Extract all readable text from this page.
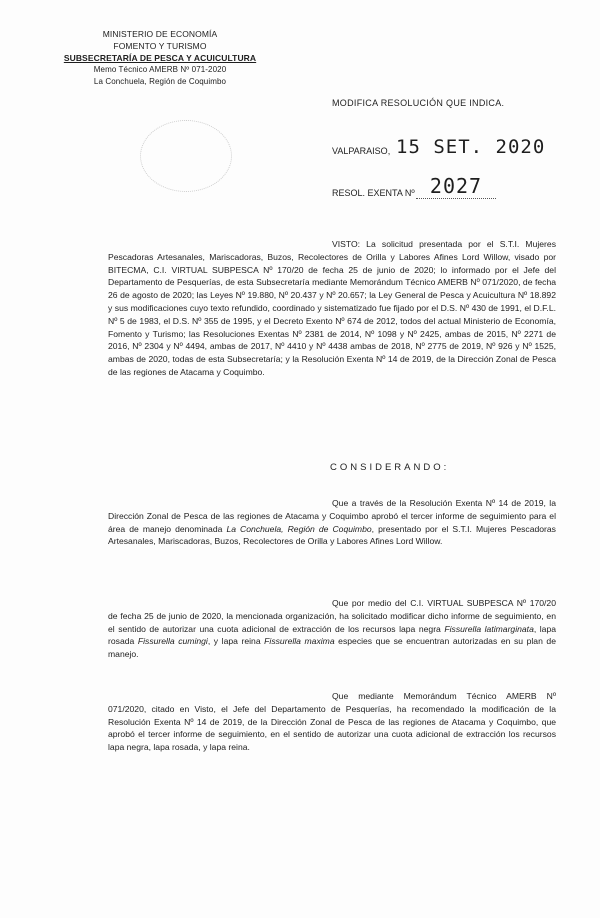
MINISTERIO DE ECONOMÍA
FOMENTO Y TURISMO
SUBSECRETARÍA DE PESCA Y ACUICULTURA
Memo Técnico AMERB Nº 071-2020
La Conchuela, Región de Coquimbo
MODIFICA RESOLUCIÓN QUE INDICA.
VALPARAISO, 15 SET. 2020
RESOL. EXENTA Nº 2027
VISTO: La solicitud presentada por el S.T.I. Mujeres Pescadoras Artesanales, Mariscadoras, Buzos, Recolectores de Orilla y Labores Afines Lord Willow, visado por BITECMA, C.I. VIRTUAL SUBPESCA Nº 170/20 de fecha 25 de junio de 2020; lo informado por el Jefe del Departamento de Pesquerías, de esta Subsecretaría mediante Memorándum Técnico AMERB Nº 071/2020, de fecha 26 de agosto de 2020; las Leyes Nº 19.880, Nº 20.437 y Nº 20.657; la Ley General de Pesca y Acuicultura Nº 18.892 y sus modificaciones cuyo texto refundido, coordinado y sistematizado fue fijado por el D.S. Nº 430 de 1991, el D.F.L. Nº 5 de 1983, el D.S. Nº 355 de 1995, y el Decreto Exento Nº 674 de 2012, todos del actual Ministerio de Economía, Fomento y Turismo; las Resoluciones Exentas Nº 2381 de 2014, Nº 1098 y Nº 2425, ambas de 2015, Nº 2271 de 2016, Nº 2304 y Nº 4494, ambas de 2017, Nº 4410 y Nº 4438 ambas de 2018, Nº 2775 de 2019, Nº 926 y Nº 1525, ambas de 2020, todas de esta Subsecretaría; y la Resolución Exenta Nº 14 de 2019, de la Dirección Zonal de Pesca de las regiones de Atacama y Coquimbo.
CONSIDERANDO:
Que a través de la Resolución Exenta Nº 14 de 2019, la Dirección Zonal de Pesca de las regiones de Atacama y Coquimbo aprobó el tercer informe de seguimiento para el área de manejo denominada La Conchuela, Región de Coquimbo, presentado por el S.T.I. Mujeres Pescadoras Artesanales, Mariscadoras, Buzos, Recolectores de Orilla y Labores Afines Lord Willow.
Que por medio del C.I. VIRTUAL SUBPESCA Nº 170/20 de fecha 25 de junio de 2020, la mencionada organización, ha solicitado modificar dicho informe de seguimiento, en el sentido de autorizar una cuota adicional de extracción de los recursos lapa negra Fissurella latimarginata, lapa rosada Fissurella cumingi, y lapa reina Fissurella maxima especies que se encuentran autorizadas en su plan de manejo.
Que mediante Memorándum Técnico AMERB Nº 071/2020, citado en Visto, el Jefe del Departamento de Pesquerías, ha recomendado la modificación de la Resolución Exenta Nº 14 de 2019, de la Dirección Zonal de Pesca de las regiones de Atacama y Coquimbo, que aprobó el tercer informe de seguimiento, en el sentido de autorizar una cuota adicional de extracción los recursos lapa negra, lapa rosada, y lapa reina.
